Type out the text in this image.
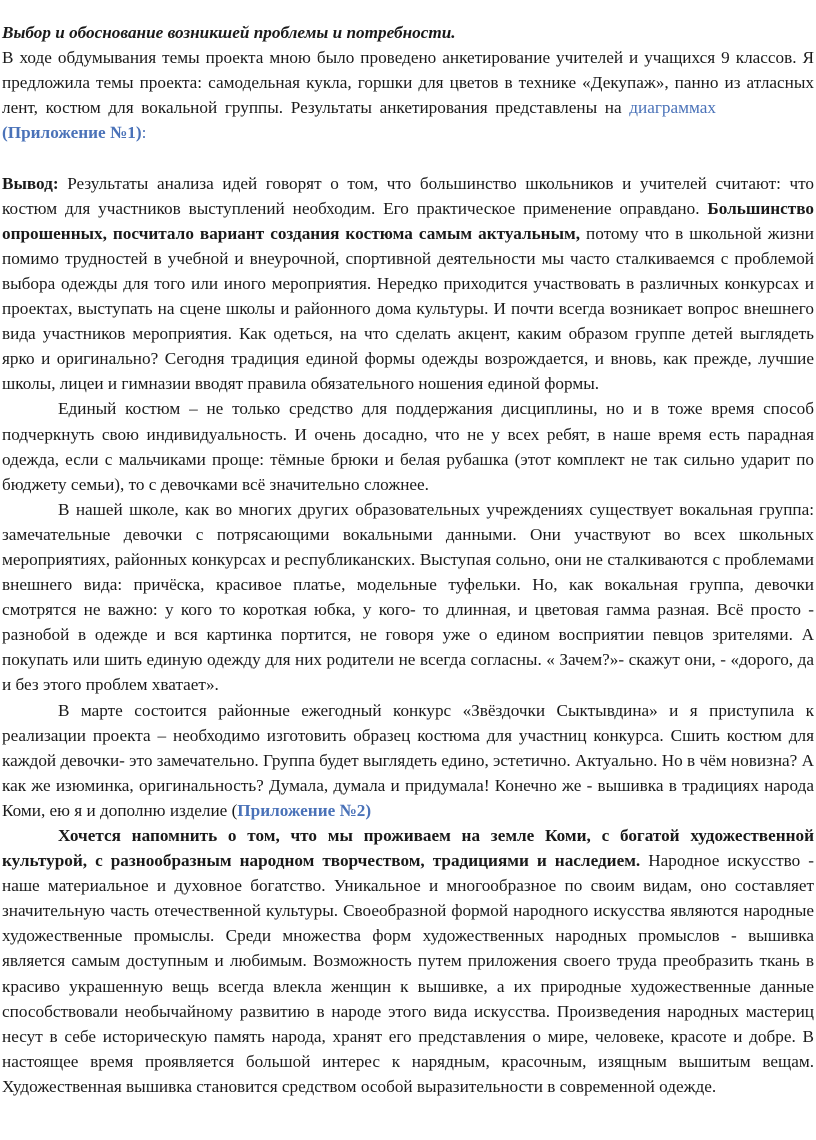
Выбор и обоснование возникшей проблемы и потребности.

В ходе обдумывания темы проекта мною было проведено анкетирование учителей и учащихся 9 классов. Я предложила темы проекта: самодельная кукла, горшки для цветов в технике «Декупаж», панно из атласных лент, костюм для вокальной группы. Результаты анкетирования представлены на диаграммах(Приложение №1):

Вывод: Результаты анализа идей говорят о том, что большинство школьников и учителей считают: что костюм для участников выступлений необходим. Его практическое применение оправдано. Большинство опрошенных, посчитало вариант создания костюма самым актуальным, потому что в школьной жизни помимо трудностей в учебной и внеурочной, спортивной деятельности мы часто сталкиваемся с проблемой выбора одежды для того или иного мероприятия. Нередко приходится участвовать в различных конкурсах и проектах, выступать на сцене школы и районного дома культуры. И почти всегда возникает вопрос внешнего вида участников мероприятия. Как одеться, на что сделать акцент, каким образом группе детей выглядеть ярко и оригинально? Сегодня традиция единой формы одежды возрождается, и вновь, как прежде, лучшие школы, лицеи и гимназии вводят правила обязательного ношения единой формы.

Единый костюм – не только средство для поддержания дисциплины, но и в тоже время способ подчеркнуть свою индивидуальность. И очень досадно, что не у всех ребят, в наше время есть парадная одежда, если с мальчиками проще: тёмные брюки и белая рубашка (этот комплект не так сильно ударит по бюджету семьи), то с девочками всё значительно сложнее.

В нашей школе, как во многих других образовательных учреждениях существует вокальная группа: замечательные девочки с потрясающими вокальными данными. Они участвуют во всех школьных мероприятиях, районных конкурсах и республиканских. Выступая сольно, они не сталкиваются с проблемами внешнего вида: причёска, красивое платье, модельные туфельки. Но, как вокальная группа, девочки смотрятся не важно: у кого то короткая юбка, у кого- то длинная, и цветовая гамма разная. Всё просто - разнобой в одежде и вся картинка портится, не говоря уже о едином восприятии певцов зрителями. А покупать или шить единую одежду для них родители не всегда согласны. « Зачем?»- скажут они, - «дорого, да и без этого проблем хватает».

В марте состоится районные ежегодный конкурс «Звёздочки Сыктывдина» и я приступила к реализации проекта – необходимо изготовить образец костюма для участниц конкурса. Сшить костюм для каждой девочки- это замечательно. Группа будет выглядеть едино, эстетично. Актуально. Но в чём новизна? А как же изюминка, оригинальность? Думала, думала и придумала! Конечно же - вышивка в традициях народа Коми, ею я и дополню изделие (Приложение №2)

Хочется напомнить о том, что мы проживаем на земле Коми, с богатой художественной культурой, с разнообразным народном творчеством, традициями и наследием. Народное искусство - наше материальное и духовное богатство. Уникальное и многообразное по своим видам, оно составляет значительную часть отечественной культуры. Своеобразной формой народного искусства являются народные художественные промыслы. Среди множества форм художественных народных промыслов - вышивка является самым доступным и любимым. Возможность путем приложения своего труда преобразить ткань в красиво украшенную вещь всегда влекла женщин к вышивке, а их природные художественные данные способствовали необычайному развитию в народе этого вида искусства. Произведения народных мастериц несут в себе историческую память народа, хранят его представления о мире, человеке, красоте и добре. В настоящее время проявляется большой интерес к нарядным, красочным, изящным вышитым вещам. Художественная вышивка становится средством особой выразительности в современной одежде.
